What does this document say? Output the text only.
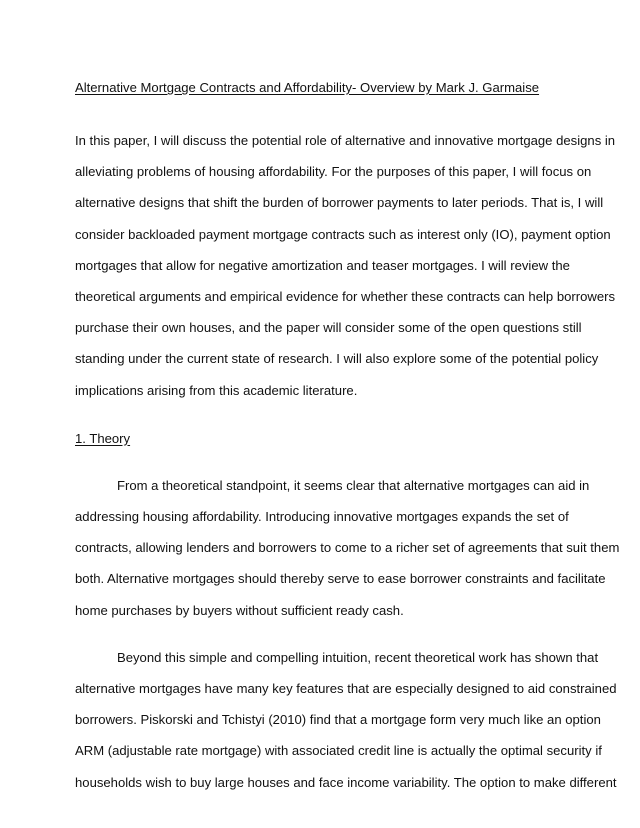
Alternative Mortgage Contracts and Affordability- Overview by Mark J. Garmaise

In this paper, I will discuss the potential role of alternative and innovative mortgage designs in
alleviating problems of housing affordability. For the purposes of this paper, I will focus on
alternative designs that shift the burden of borrower payments to later periods. That is, I will
consider backloaded payment mortgage contracts such as interest only (IO), payment option
mortgages that allow for negative amortization and teaser mortgages. I will review the
theoretical arguments and empirical evidence for whether these contracts can help borrowers
purchase their own houses, and the paper will consider some of the open questions still
standing under the current state of research. I will also explore some of the potential policy
implications arising from this academic literature.

1. Theory

From a theoretical standpoint, it seems clear that alternative mortgages can aid in
addressing housing affordability. Introducing innovative mortgages expands the set of
contracts, allowing lenders and borrowers to come to a richer set of agreements that suit them
both. Alternative mortgages should thereby serve to ease borrower constraints and facilitate
home purchases by buyers without sufficient ready cash.
Beyond this simple and compelling intuition, recent theoretical work has shown that
alternative mortgages have many key features that are especially designed to aid constrained
borrowers. Piskorski and Tchistyi (2010) find that a mortgage form very much like an option
ARM (adjustable rate mortgage) with associated credit line is actually the optimal security if
households wish to buy large houses and face income variability. The option to make different
